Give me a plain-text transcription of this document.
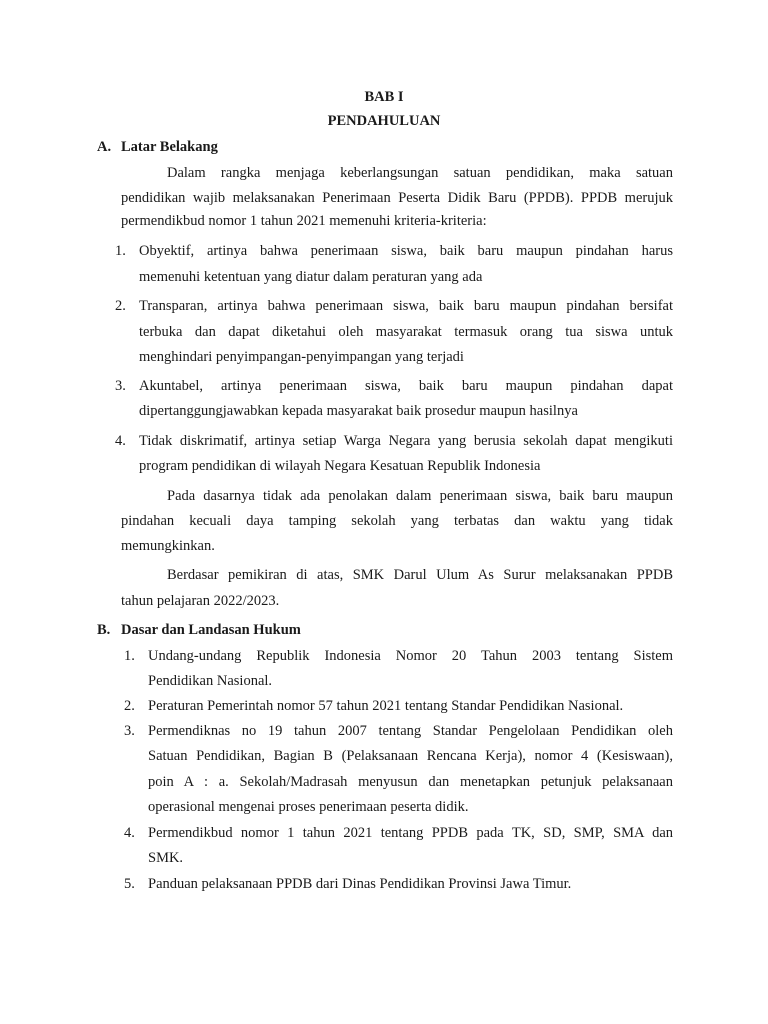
BAB I
PENDAHULUAN
A. Latar Belakang
Dalam rangka menjaga keberlangsungan satuan pendidikan, maka satuan
pendidikan wajib melaksanakan Penerimaan Peserta Didik Baru (PPDB). PPDB merujuk
permendikbud nomor 1 tahun 2021 memenuhi kriteria-kriteria:
1. Obyektif, artinya bahwa penerimaan siswa, baik baru maupun pindahan harus
memenuhi ketentuan yang diatur dalam peraturan yang ada
2. Transparan, artinya bahwa penerimaan siswa, baik baru maupun pindahan bersifat
terbuka dan dapat diketahui oleh masyarakat termasuk orang tua siswa untuk
menghindari penyimpangan-penyimpangan yang terjadi
3. Akuntabel, artinya penerimaan siswa, baik baru maupun pindahan dapat
dipertanggungjawabkan kepada masyarakat baik prosedur maupun hasilnya
4. Tidak diskrimatif, artinya setiap Warga Negara yang berusia sekolah dapat mengikuti
program pendidikan di wilayah Negara Kesatuan Republik Indonesia
Pada dasarnya tidak ada penolakan dalam penerimaan siswa, baik baru maupun
pindahan kecuali daya tamping sekolah yang terbatas dan waktu yang tidak
memungkinkan.
Berdasar pemikiran di atas, SMK Darul Ulum As Surur melaksanakan PPDB
tahun pelajaran 2022/2023.
B. Dasar dan Landasan Hukum
1. Undang-undang Republik Indonesia Nomor 20 Tahun 2003 tentang Sistem
Pendidikan Nasional.
2. Peraturan Pemerintah nomor 57 tahun 2021 tentang Standar Pendidikan Nasional.
3. Permendiknas no 19 tahun 2007 tentang Standar Pengelolaan Pendidikan oleh
Satuan Pendidikan, Bagian B (Pelaksanaan Rencana Kerja), nomor 4 (Kesiswaan),
poin A : a. Sekolah/Madrasah menyusun dan menetapkan petunjuk pelaksanaan
operasional mengenai proses penerimaan peserta didik.
4. Permendikbud nomor 1 tahun 2021 tentang PPDB pada TK, SD, SMP, SMA dan
SMK.
5. Panduan pelaksanaan PPDB dari Dinas Pendidikan Provinsi Jawa Timur.
